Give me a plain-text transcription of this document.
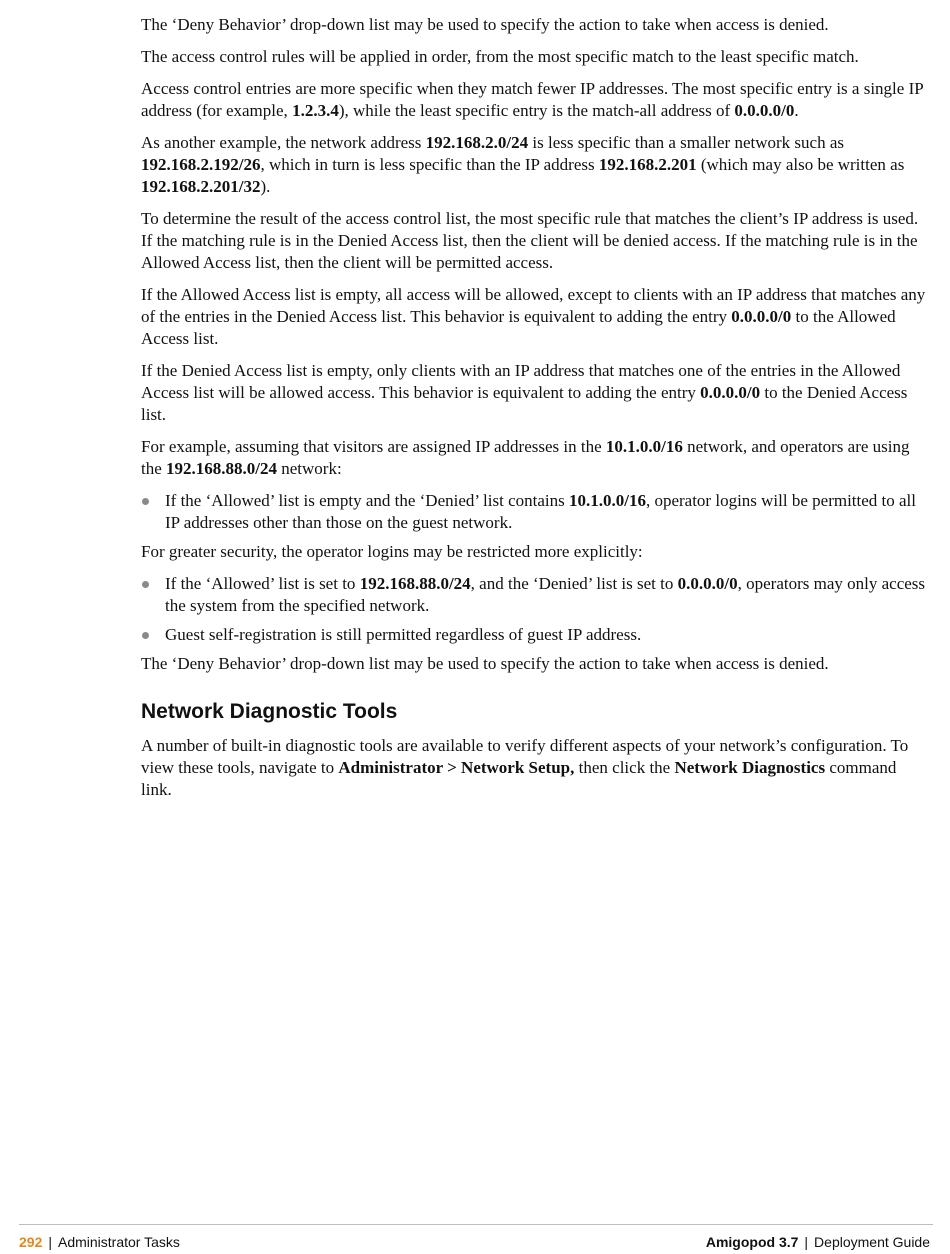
The ‘Deny Behavior’ drop-down list may be used to specify the action to take when access is denied.

The access control rules will be applied in order, from the most specific match to the least specific match.

Access control entries are more specific when they match fewer IP addresses. The most specific entry is a single IP address (for example, 1.2.3.4), while the least specific entry is the match-all address of 0.0.0.0/0.

As another example, the network address 192.168.2.0/24 is less specific than a smaller network such as 192.168.2.192/26, which in turn is less specific than the IP address 192.168.2.201 (which may also be written as 192.168.2.201/32).

To determine the result of the access control list, the most specific rule that matches the client’s IP address is used. If the matching rule is in the Denied Access list, then the client will be denied access. If the matching rule is in the Allowed Access list, then the client will be permitted access.

If the Allowed Access list is empty, all access will be allowed, except to clients with an IP address that matches any of the entries in the Denied Access list. This behavior is equivalent to adding the entry 0.0.0.0/0 to the Allowed Access list.

If the Denied Access list is empty, only clients with an IP address that matches one of the entries in the Allowed Access list will be allowed access. This behavior is equivalent to adding the entry 0.0.0.0/0 to the Denied Access list.

For example, assuming that visitors are assigned IP addresses in the 10.1.0.0/16 network, and operators are using the 192.168.88.0/24 network:

If the ‘Allowed’ list is empty and the ‘Denied’ list contains 10.1.0.0/16, operator logins will be permitted to all IP addresses other than those on the guest network.

For greater security, the operator logins may be restricted more explicitly:

If the ‘Allowed’ list is set to 192.168.88.0/24, and the ‘Denied’ list is set to 0.0.0.0/0, operators may only access the system from the specified network.
Guest self-registration is still permitted regardless of guest IP address.

The ‘Deny Behavior’ drop-down list may be used to specify the action to take when access is denied.

Network Diagnostic Tools

A number of built-in diagnostic tools are available to verify different aspects of your network’s configuration. To view these tools, navigate to Administrator > Network Setup, then click the Network Diagnostics command link.

292 | Administrator Tasks	Amigopod 3.7 | Deployment Guide
